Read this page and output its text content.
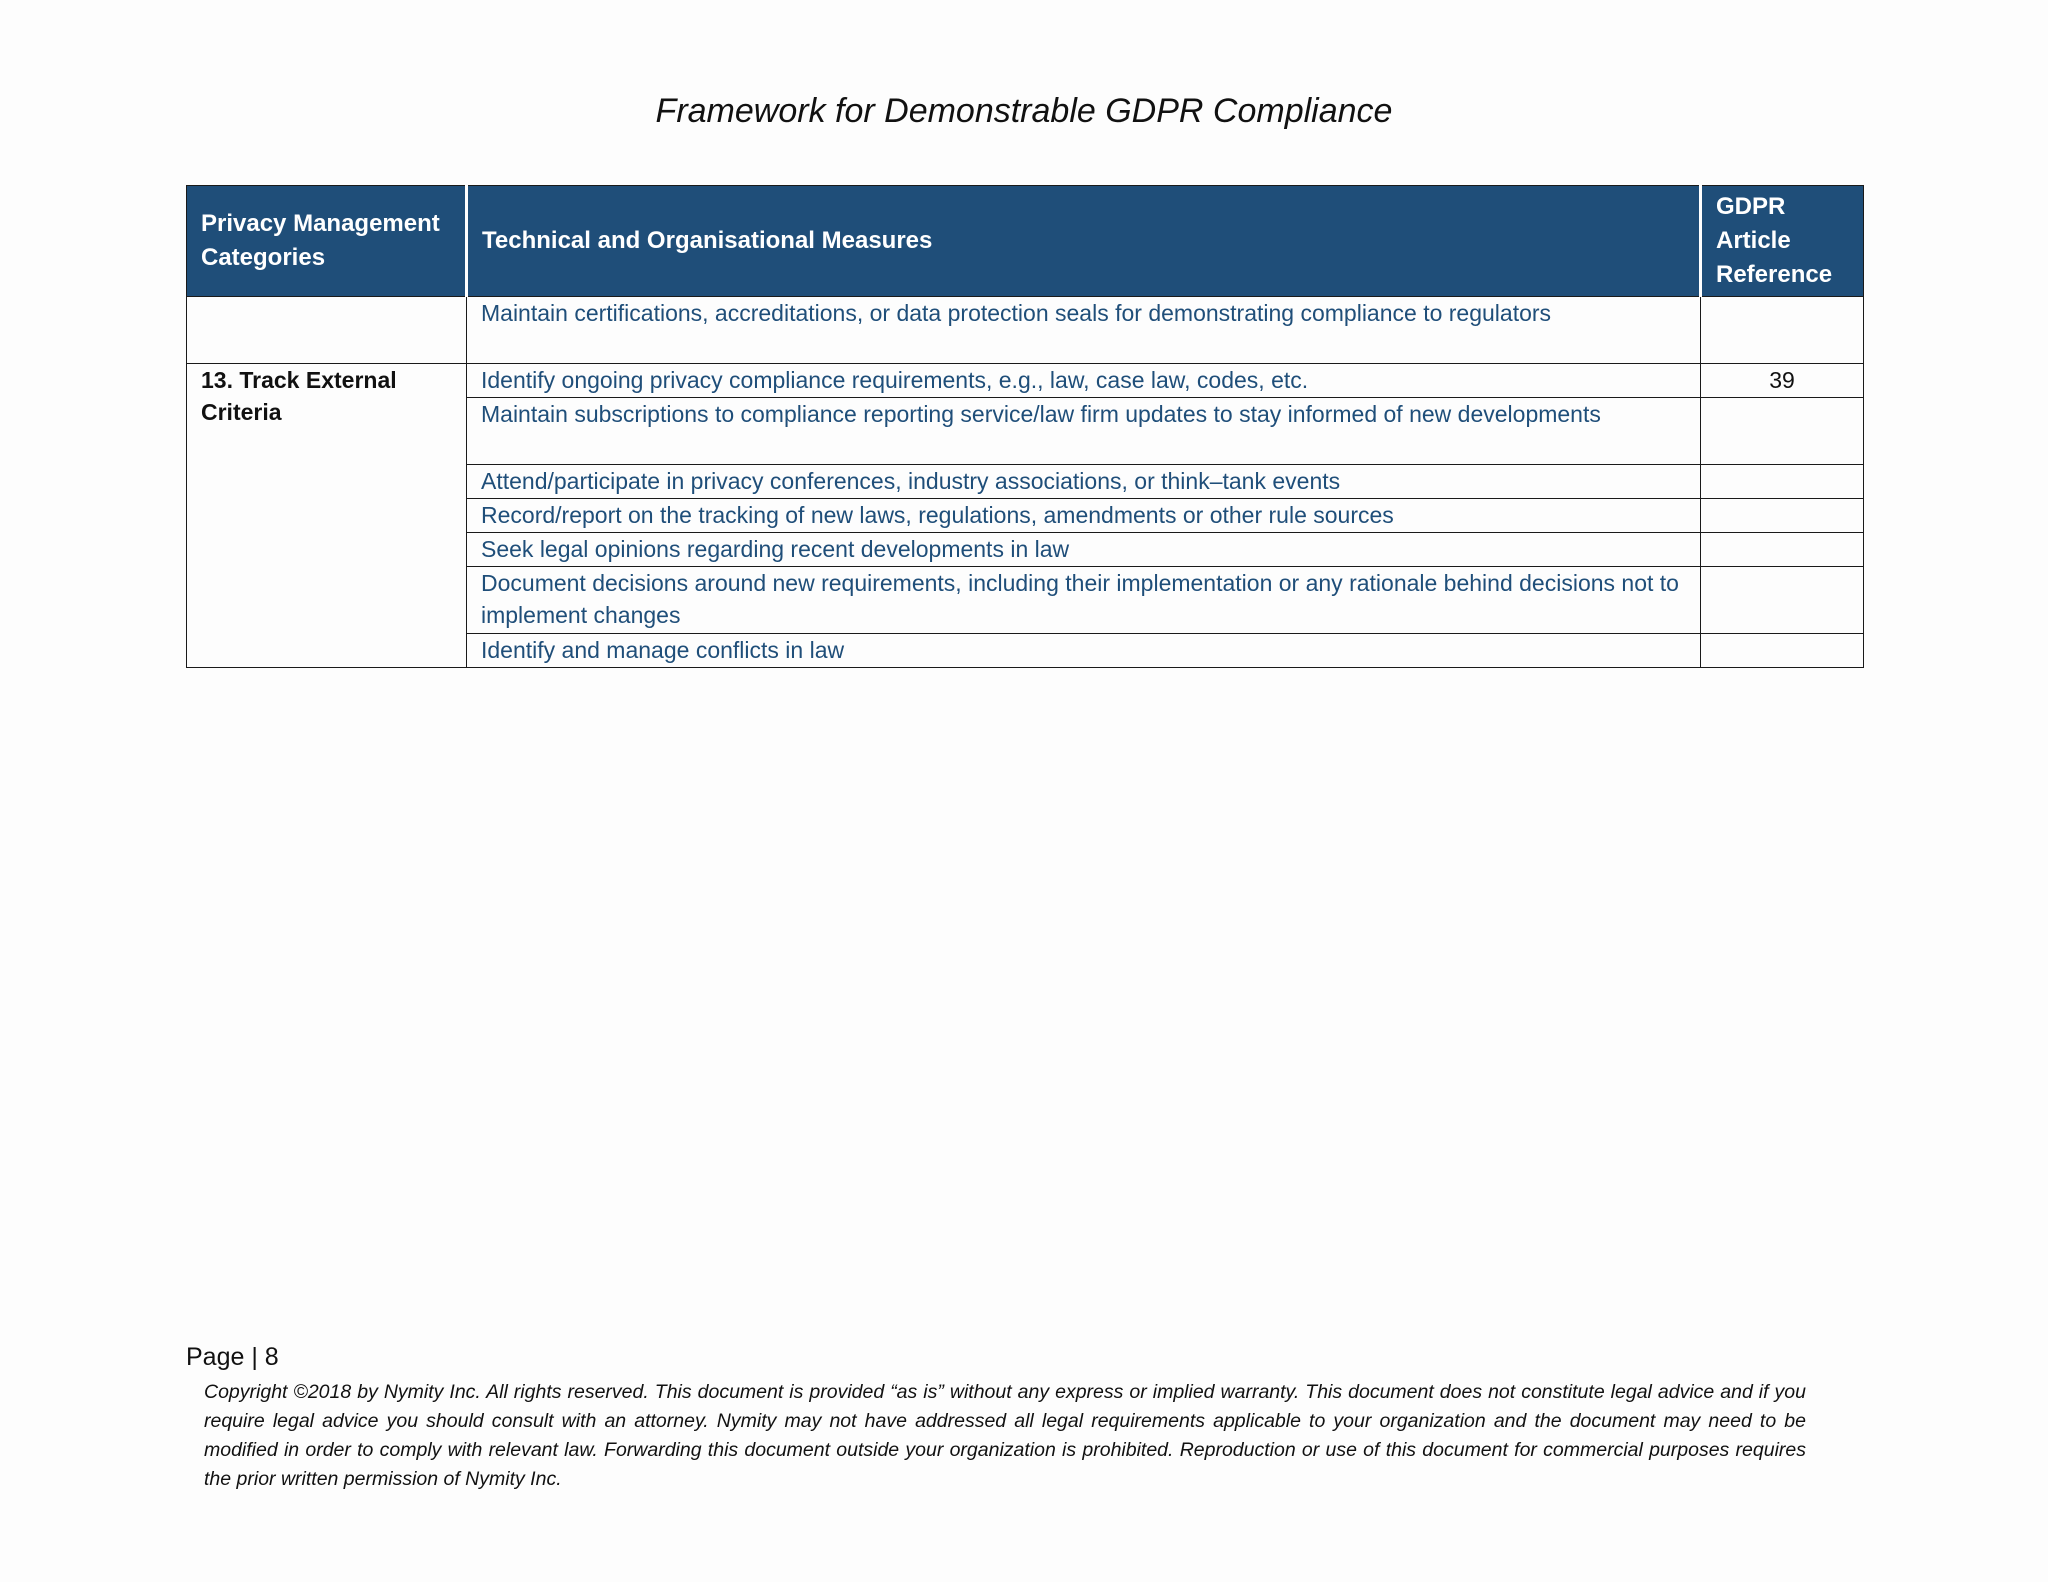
Framework for Demonstrable GDPR Compliance
Privacy Management Categories	Technical and Organisational Measures	GDPR Article Reference
	Maintain certifications, accreditations, or data protection seals for demonstrating compliance to regulators	
13. Track External Criteria	Identify ongoing privacy compliance requirements, e.g., law, case law, codes, etc.	39
	Maintain subscriptions to compliance reporting service/law firm updates to stay informed of new developments	
	Attend/participate in privacy conferences, industry associations, or think–tank events	
	Record/report on the tracking of new laws, regulations, amendments or other rule sources	
	Seek legal opinions regarding recent developments in law	
	Document decisions around new requirements, including their implementation or any rationale behind decisions not to implement changes	
	Identify and manage conflicts in law	
Page | 8
Copyright ©2018 by Nymity Inc. All rights reserved. This document is provided “as is” without any express or implied warranty. This document does not constitute legal advice and if you require legal advice you should consult with an attorney. Nymity may not have addressed all legal requirements applicable to your organization and the document may need to be modified in order to comply with relevant law. Forwarding this document outside your organization is prohibited. Reproduction or use of this document for commercial purposes requires the prior written permission of Nymity Inc.
